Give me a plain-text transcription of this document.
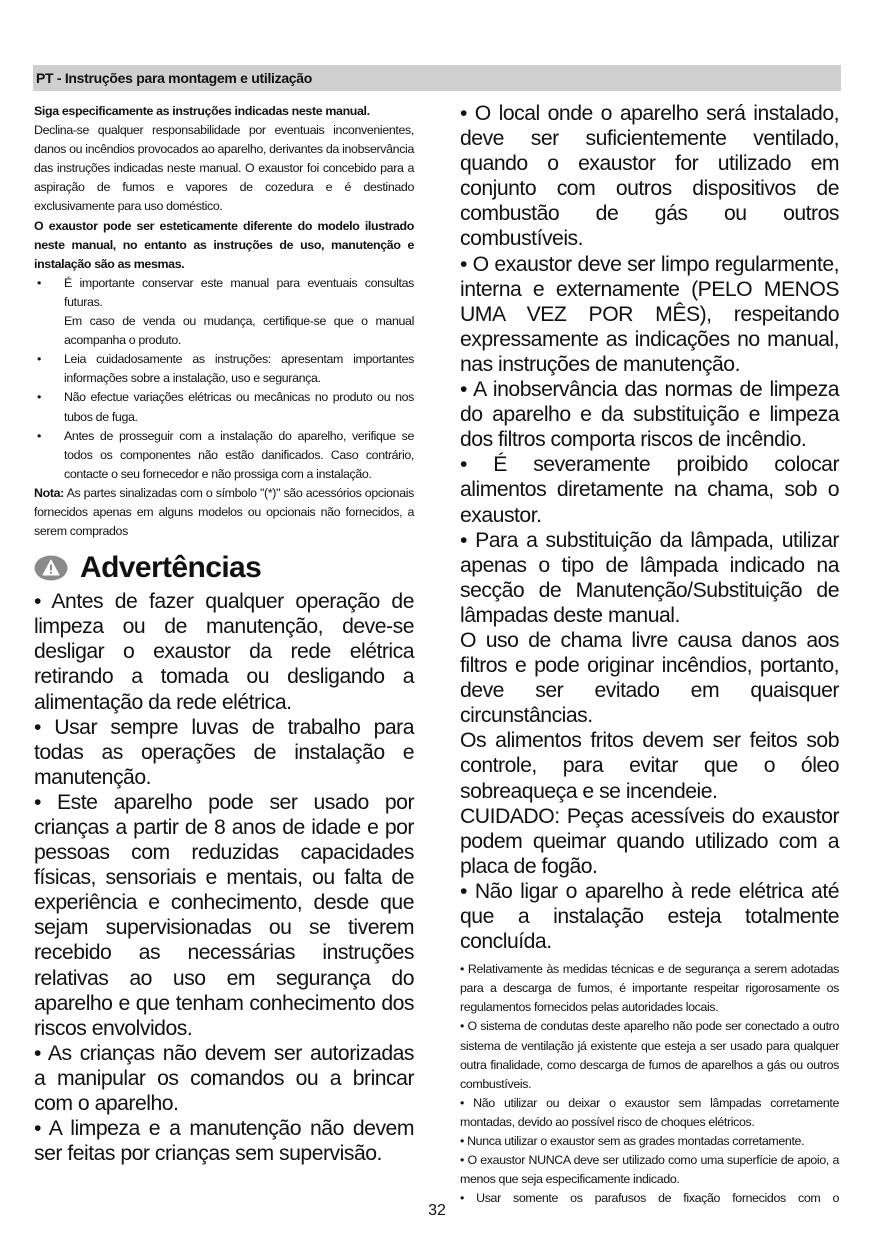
PT - Instruções para montagem e utilização

Siga especificamente as instruções indicadas neste manual.
Declina-se qualquer responsabilidade por eventuais inconvenientes, danos ou incêndios provocados ao aparelho, derivantes da inobservância das instruções indicadas neste manual. O exaustor foi concebido para a aspiração de fumos e vapores de cozedura e é destinado exclusivamente para uso doméstico.

O exaustor pode ser esteticamente diferente do modelo ilustrado neste manual, no entanto as instruções de uso, manutenção e instalação são as mesmas.

• É importante conservar este manual para eventuais consultas futuras.
Em caso de venda ou mudança, certifique-se que o manual acompanha o produto.
• Leia cuidadosamente as instruções: apresentam importantes informações sobre a instalação, uso e segurança.
• Não efectue variações elétricas ou mecânicas no produto ou nos tubos de fuga.
• Antes de prosseguir com a instalação do aparelho, verifique se todos os componentes não estão danificados. Caso contrário, contacte o seu fornecedor e não prossiga com a instalação.

Nota: As partes sinalizadas com o símbolo "(*)" são acessórios opcionais fornecidos apenas em alguns modelos ou opcionais não fornecidos, a serem comprados

Advertências

• Antes de fazer qualquer operação de limpeza ou de manutenção, deve-se desligar o exaustor da rede elétrica retirando a tomada ou desligando a alimentação da rede elétrica.

• Usar sempre luvas de trabalho para todas as operações de instalação e manutenção.

• Este aparelho pode ser usado por crianças a partir de 8 anos de idade e por pessoas com reduzidas capacidades físicas, sensoriais e mentais, ou falta de experiência e conhecimento, desde que sejam supervisionadas ou se tiverem recebido as necessárias instruções relativas ao uso em segurança do aparelho e que tenham conhecimento dos riscos envolvidos.

• As crianças não devem ser autorizadas a manipular os comandos ou a brincar com o aparelho.

• A limpeza e a manutenção não devem ser feitas por crianças sem supervisão.

• O local onde o aparelho será instalado, deve ser suficientemente ventilado, quando o exaustor for utilizado em conjunto com outros dispositivos de combustão de gás ou outros combustíveis.

• O exaustor deve ser limpo regularmente, interna e externamente (PELO MENOS UMA VEZ POR MÊS), respeitando expressamente as indicações no manual, nas instruções de manutenção.

• A inobservância das normas de limpeza do aparelho e da substituição e limpeza dos filtros comporta riscos de incêndio.

• É severamente proibido colocar alimentos diretamente na chama, sob o exaustor.

• Para a substituição da lâmpada, utilizar apenas o tipo de lâmpada indicado na secção de Manutenção/Substituição de lâmpadas deste manual.

O uso de chama livre causa danos aos filtros e pode originar incêndios, portanto, deve ser evitado em quaisquer circunstâncias.

Os alimentos fritos devem ser feitos sob controle, para evitar que o óleo sobreaqueça e se incendeie.

CUIDADO: Peças acessíveis do exaustor podem queimar quando utilizado com a placa de fogão.

• Não ligar o aparelho à rede elétrica até que a instalação esteja totalmente concluída.

• Relativamente às medidas técnicas e de segurança a serem adotadas para a descarga de fumos, é importante respeitar rigorosamente os regulamentos fornecidos pelas autoridades locais.

• O sistema de condutas deste aparelho não pode ser conectado a outro sistema de ventilação já existente que esteja a ser usado para qualquer outra finalidade, como descarga de fumos de aparelhos a gás ou outros combustíveis.

• Não utilizar ou deixar o exaustor sem lâmpadas corretamente montadas, devido ao possível risco de choques elétricos.

• Nunca utilizar o exaustor sem as grades montadas corretamente.

• O exaustor NUNCA deve ser utilizado como uma superfície de apoio, a menos que seja especificamente indicado.

• Usar somente os parafusos de fixação fornecidos com o

32
